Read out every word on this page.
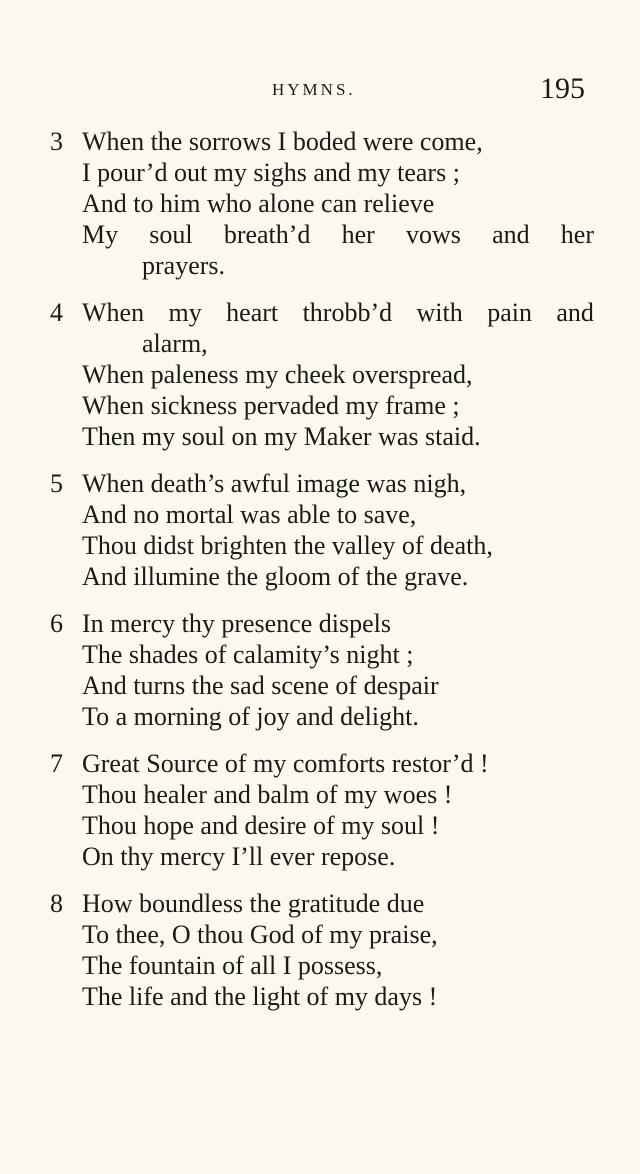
HYMNS.	195
3 When the sorrows I boded were come,
I pour’d out my sighs and my tears ;
And to him who alone can relieve
My soul breath’d her vows and her
prayers.
4 When my heart throbb’d with pain and
alarm,
When paleness my cheek overspread,
When sickness pervaded my frame ;
Then my soul on my Maker was staid.
5 When death’s awful image was nigh,
And no mortal was able to save,
Thou didst brighten the valley of death,
And illumine the gloom of the grave.
6 In mercy thy presence dispels
The shades of calamity’s night ;
And turns the sad scene of despair
To a morning of joy and delight.
7 Great Source of my comforts restor’d !
Thou healer and balm of my woes !
Thou hope and desire of my soul !
On thy mercy I’ll ever repose.
8 How boundless the gratitude due
To thee, O thou God of my praise,
The fountain of all I possess,
The life and the light of my days !
